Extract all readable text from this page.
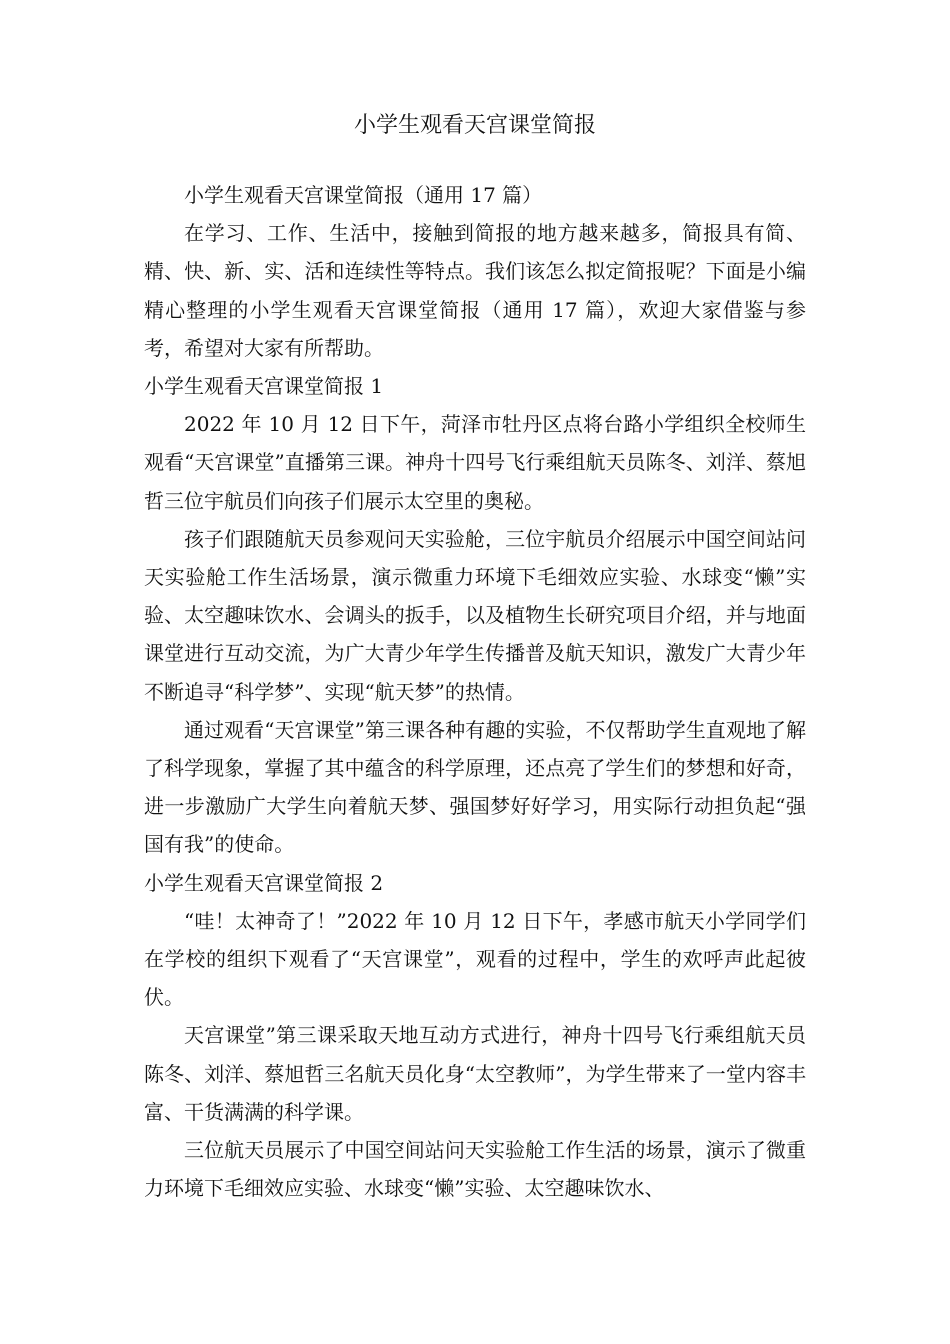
小学生观看天宫课堂简报

小学生观看天宫课堂简报（通用 17 篇）

在学习、工作、生活中，接触到简报的地方越来越多，简报具有简、精、快、新、实、活和连续性等特点。我们该怎么拟定简报呢？下面是小编精心整理的小学生观看天宫课堂简报（通用 17 篇），欢迎大家借鉴与参考，希望对大家有所帮助。

小学生观看天宫课堂简报 1

2022 年 10 月 12 日下午，菏泽市牡丹区点将台路小学组织全校师生观看“天宫课堂”直播第三课。神舟十四号飞行乘组航天员陈冬、刘洋、蔡旭哲三位宇航员们向孩子们展示太空里的奥秘。

孩子们跟随航天员参观问天实验舱，三位宇航员介绍展示中国空间站问天实验舱工作生活场景，演示微重力环境下毛细效应实验、水球变“懒”实验、太空趣味饮水、会调头的扳手，以及植物生长研究项目介绍，并与地面课堂进行互动交流，为广大青少年学生传播普及航天知识，激发广大青少年不断追寻“科学梦”、实现“航天梦”的热情。

通过观看“天宫课堂”第三课各种有趣的实验，不仅帮助学生直观地了解了科学现象，掌握了其中蕴含的科学原理，还点亮了学生们的梦想和好奇，进一步激励广大学生向着航天梦、强国梦好好学习，用实际行动担负起“强国有我”的使命。

小学生观看天宫课堂简报 2

“哇！太神奇了！”2022 年 10 月 12 日下午，孝感市航天小学同学们在学校的组织下观看了“天宫课堂”，观看的过程中，学生的欢呼声此起彼伏。

天宫课堂”第三课采取天地互动方式进行，神舟十四号飞行乘组航天员陈冬、刘洋、蔡旭哲三名航天员化身“太空教师”，为学生带来了一堂内容丰富、干货满满的科学课。

三位航天员展示了中国空间站问天实验舱工作生活的场景，演示了微重力环境下毛细效应实验、水球变“懒”实验、太空趣味饮水、
